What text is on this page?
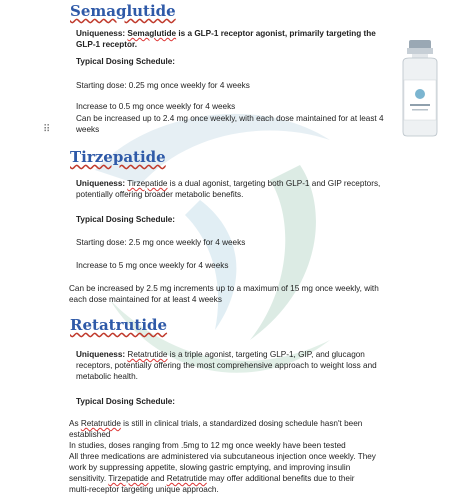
⠿
Semaglutide
Uniqueness: Semaglutide is a GLP-1 receptor agonist, primarily targeting the
GLP-1 receptor.
Typical Dosing Schedule:
Starting dose: 0.25 mg once weekly for 4 weeks
Increase to 0.5 mg once weekly for 4 weeks
Can be increased up to 2.4 mg once weekly, with each dose maintained for at least 4
weeks
Tirzepatide
Uniqueness: Tirzepatide is a dual agonist, targeting both GLP-1 and GIP receptors,
potentially offering broader metabolic benefits.
Typical Dosing Schedule:
Starting dose: 2.5 mg once weekly for 4 weeks
Increase to 5 mg once weekly for 4 weeks
Can be increased by 2.5 mg increments up to a maximum of 15 mg once weekly, with
each dose maintained for at least 4 weeks
Retatrutide
Uniqueness: Retatrutide is a triple agonist, targeting GLP-1, GIP, and glucagon
receptors, potentially offering the most comprehensive approach to weight loss and
metabolic health.
Typical Dosing Schedule:
As Retatrutide is still in clinical trials, a standardized dosing schedule hasn't been
established
In studies, doses ranging from .5mg to 12 mg once weekly have been tested
All three medications are administered via subcutaneous injection once weekly. They
work by suppressing appetite, slowing gastric emptying, and improving insulin
sensitivity. Tirzepatide and Retatrutide may offer additional benefits due to their
multi-receptor targeting unique approach.
